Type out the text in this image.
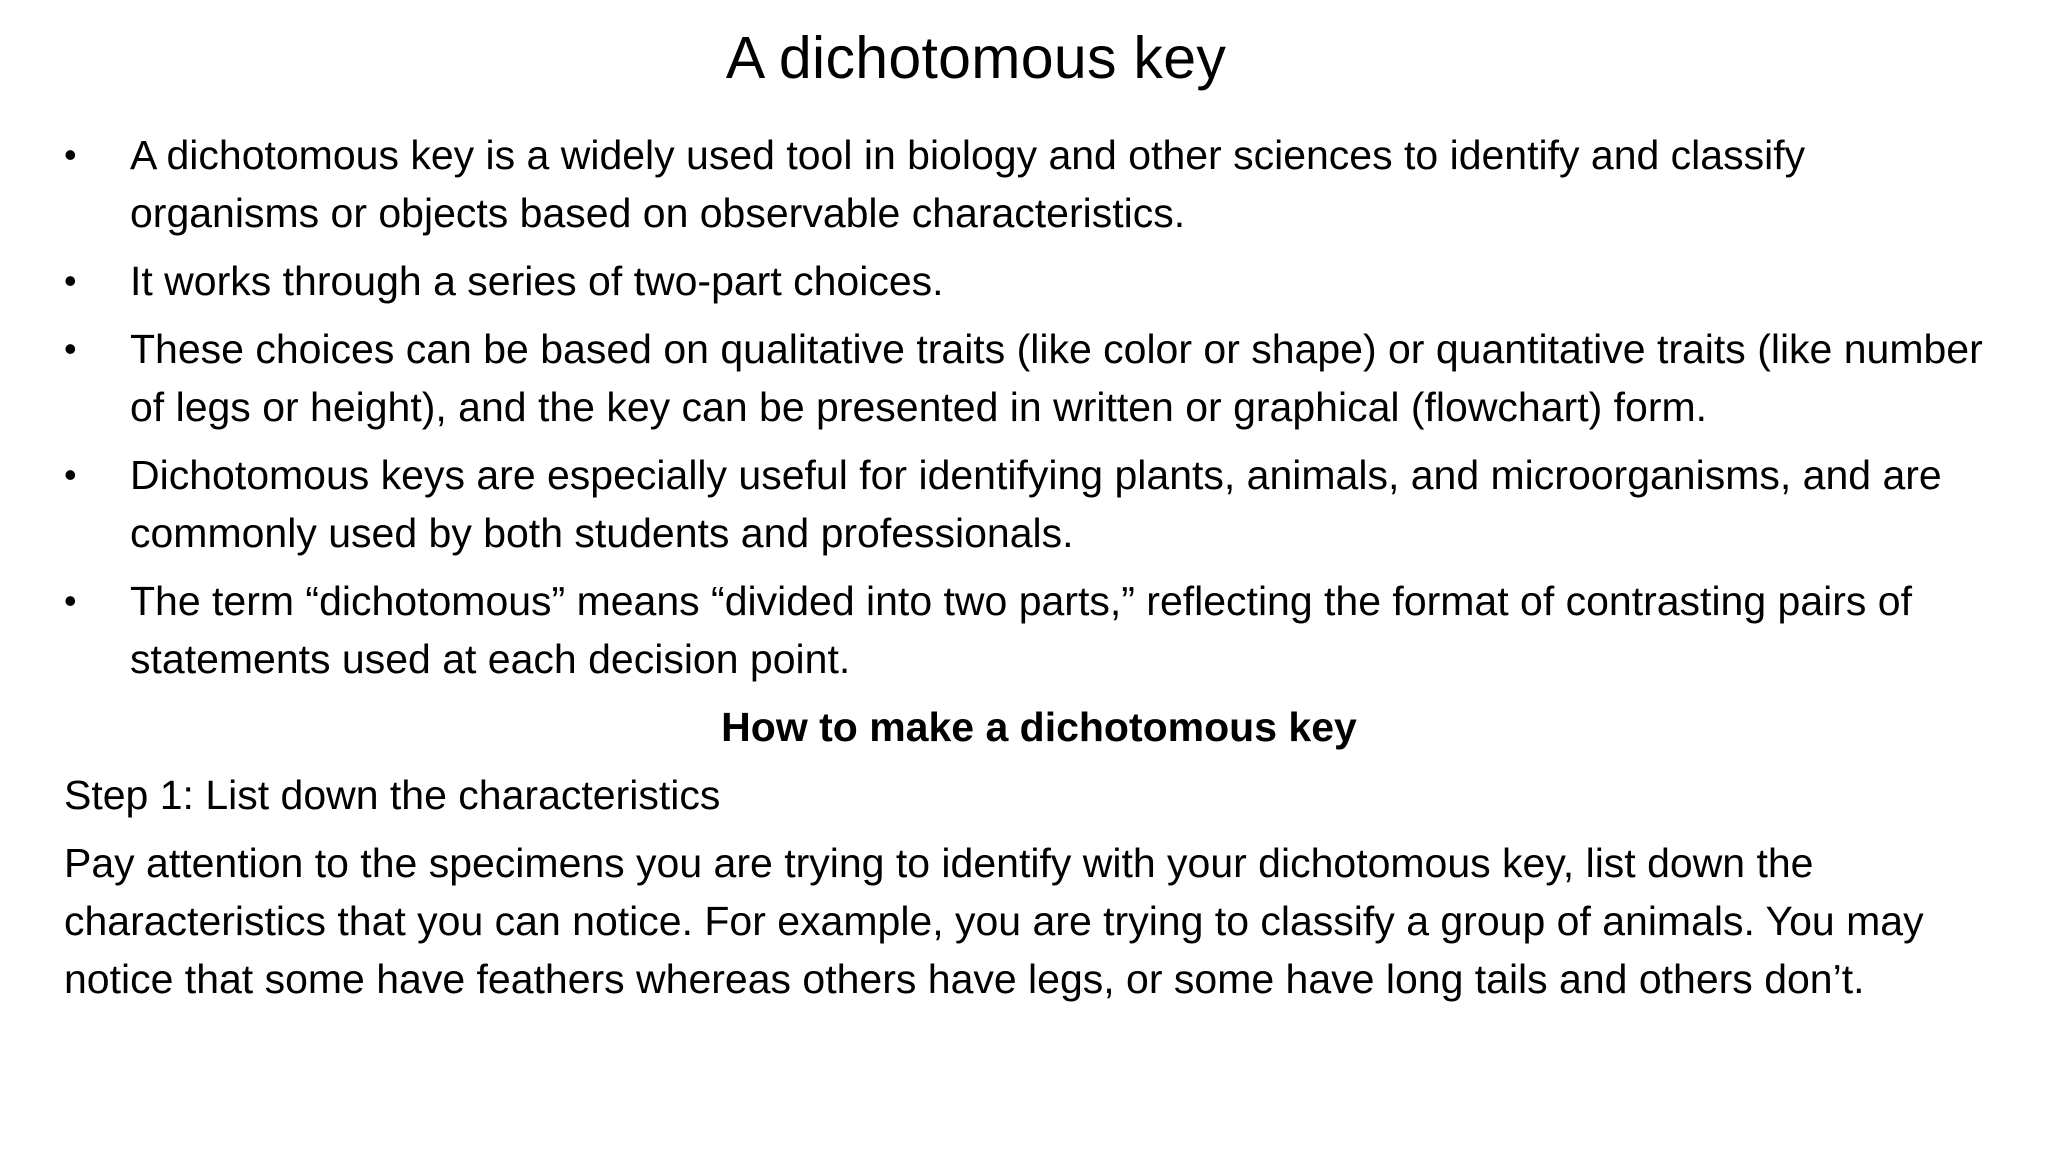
A dichotomous key
• A dichotomous key is a widely used tool in biology and other sciences to identify and classify organisms or objects based on observable characteristics.
• It works through a series of two-part choices.
• These choices can be based on qualitative traits (like color or shape) or quantitative traits (like number of legs or height), and the key can be presented in written or graphical (flowchart) form.
• Dichotomous keys are especially useful for identifying plants, animals, and microorganisms, and are commonly used by both students and professionals.
• The term “dichotomous” means “divided into two parts,” reflecting the format of contrasting pairs of statements used at each decision point.
How to make a dichotomous key
Step 1: List down the characteristics

Pay attention to the specimens you are trying to identify with your dichotomous key, list down the characteristics that you can notice. For example, you are trying to classify a group of animals. You may notice that some have feathers whereas others have legs, or some have long tails and others don’t.
